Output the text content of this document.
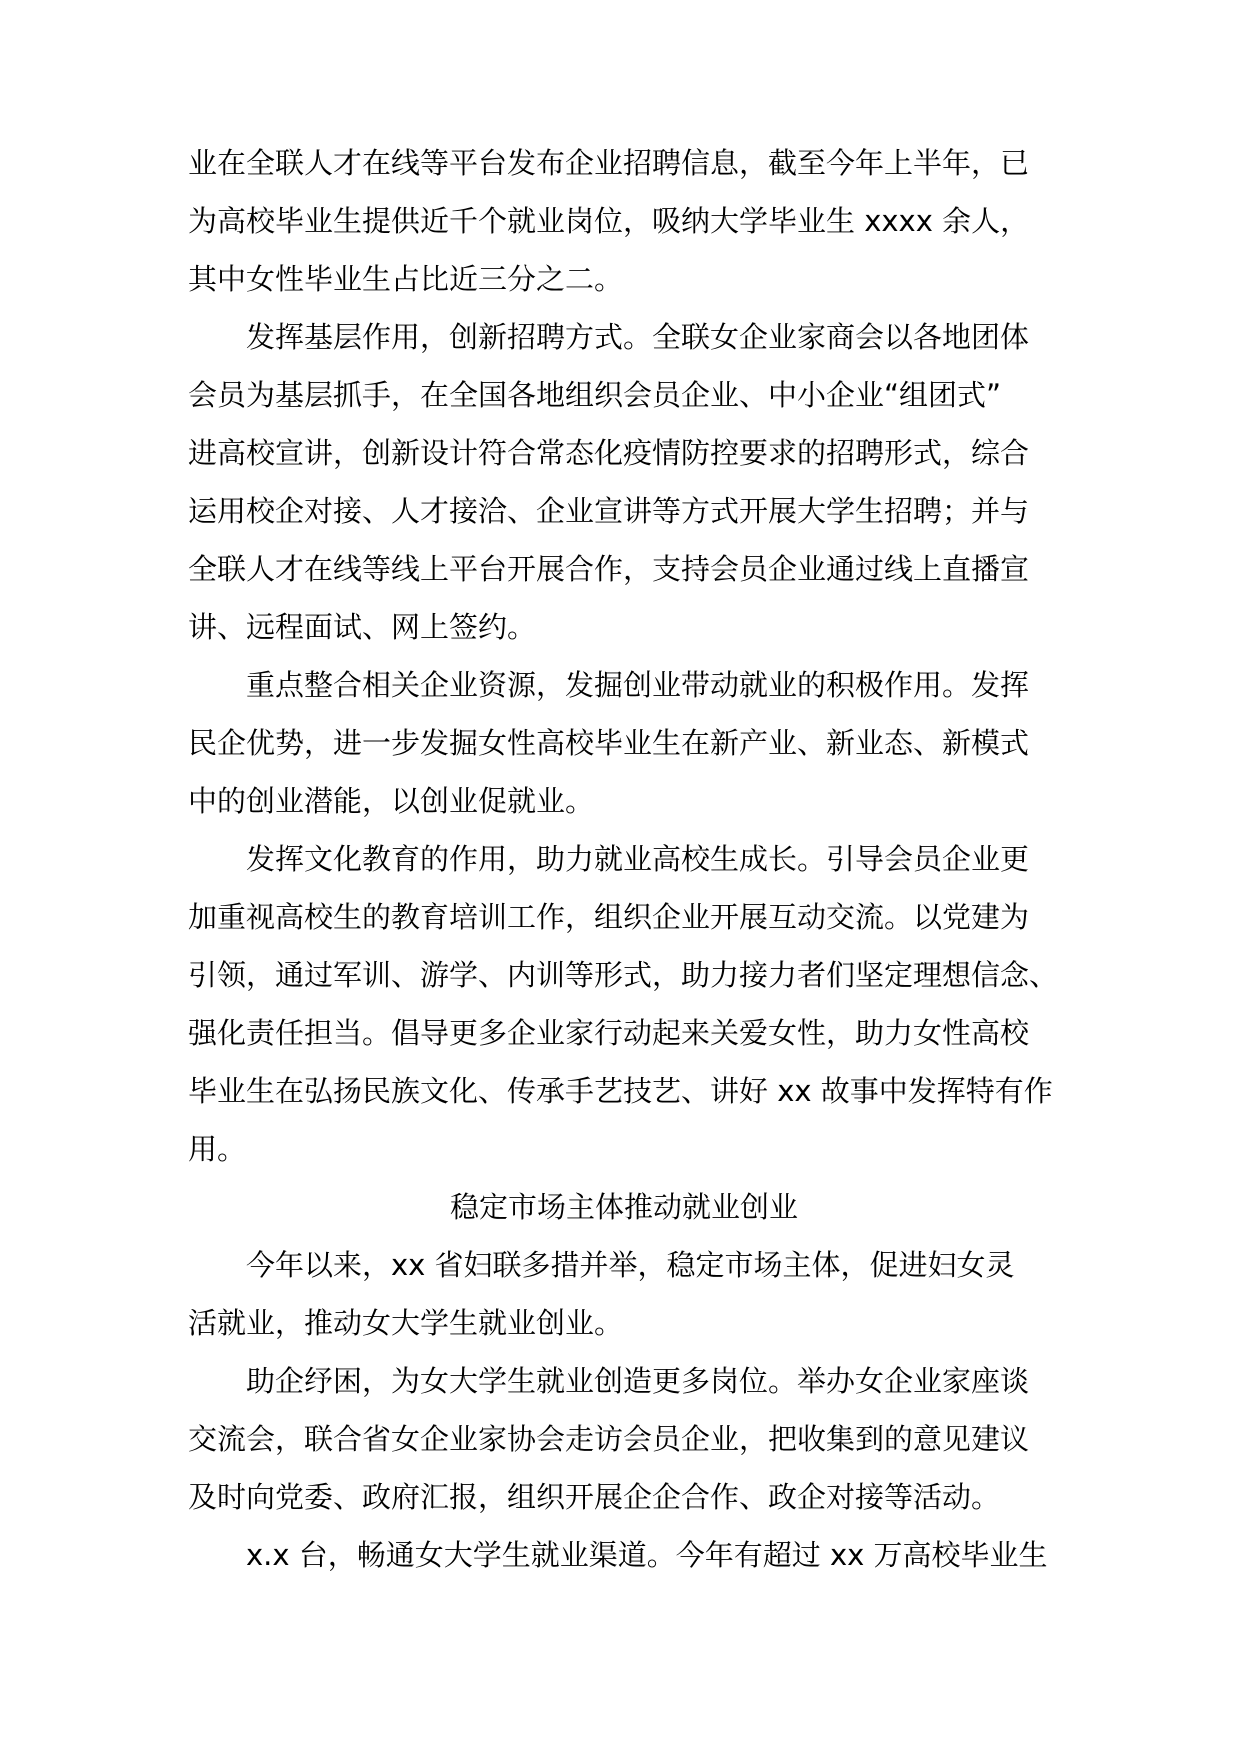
业在全联人才在线等平台发布企业招聘信息，截至今年上半年，已
为高校毕业生提供近千个就业岗位，吸纳大学毕业生 xxxx 余人，
其中女性毕业生占比近三分之二。
发挥基层作用，创新招聘方式。全联女企业家商会以各地团体
会员为基层抓手，在全国各地组织会员企业、中小企业“组团式”
进高校宣讲，创新设计符合常态化疫情防控要求的招聘形式，综合
运用校企对接、人才接洽、企业宣讲等方式开展大学生招聘；并与
全联人才在线等线上平台开展合作，支持会员企业通过线上直播宣
讲、远程面试、网上签约。
重点整合相关企业资源，发掘创业带动就业的积极作用。发挥
民企优势，进一步发掘女性高校毕业生在新产业、新业态、新模式
中的创业潜能，以创业促就业。
发挥文化教育的作用，助力就业高校生成长。引导会员企业更
加重视高校生的教育培训工作，组织企业开展互动交流。以党建为
引领，通过军训、游学、内训等形式，助力接力者们坚定理想信念、
强化责任担当。倡导更多企业家行动起来关爱女性，助力女性高校
毕业生在弘扬民族文化、传承手艺技艺、讲好 xx 故事中发挥特有作
用。
稳定市场主体推动就业创业
今年以来，xx 省妇联多措并举，稳定市场主体，促进妇女灵
活就业，推动女大学生就业创业。
助企纾困，为女大学生就业创造更多岗位。举办女企业家座谈
交流会，联合省女企业家协会走访会员企业，把收集到的意见建议
及时向党委、政府汇报，组织开展企企合作、政企对接等活动。
x.x 台，畅通女大学生就业渠道。今年有超过 xx 万高校毕业生
